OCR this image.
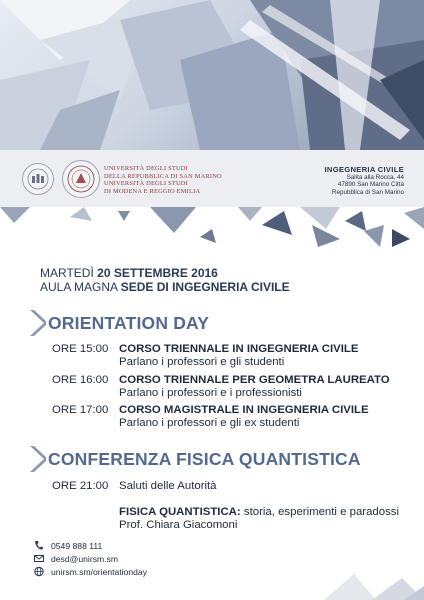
UNIVERSITÀ DEGLI STUDI
DELLA REPUBBLICA DI SAN MARINO
UNIVERSITÀ DEGLI STUDI
DI MODENA E REGGIO EMILIA
INGEGNERIA CIVILE
Salita alla Rocca, 44
47890 San Marino Città
Repubblica di San Marino
MARTEDÌ 20 SETTEMBRE 2016
AULA MAGNA SEDE DI INGEGNERIA CIVILE
ORIENTATION DAY
ORE 15:00 CORSO TRIENNALE IN INGEGNERIA CIVILE
Parlano i professori e gli studenti
ORE 16:00 CORSO TRIENNALE PER GEOMETRA LAUREATO
Parlano i professori e i professionisti
ORE 17:00 CORSO MAGISTRALE IN INGEGNERIA CIVILE
Parlano i professori e gli ex studenti
CONFERENZA FISICA QUANTISTICA
ORE 21:00 Saluti delle Autorità

FISICA QUANTISTICA: storia, esperimenti e paradossi
Prof. Chiara Giacomoni
0549 888 111
desd@unirsm.sm
unirsm.sm/orientationday
